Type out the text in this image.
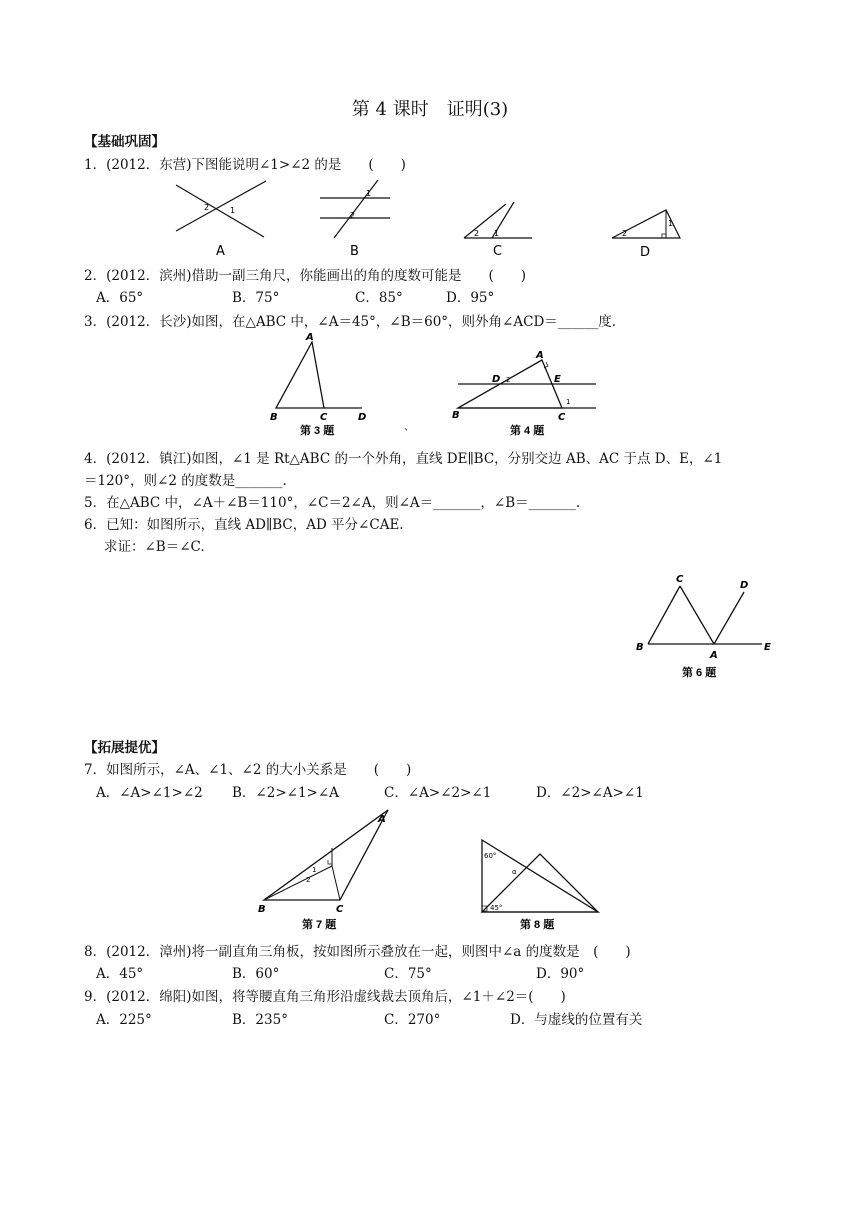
第 4 课时　证明(3)
【基础巩固】
1．(2012．东营)下图能说明∠1>∠2 的是　　(　　)
2	1
A
1
2
B
2 1
C
2
1
D
2．(2012．滨州)借助一副三角尺，你能画出的角的度数可能是　　(　　)
A．65°	B．75°	C．85°	D．95°
3．(2012．长沙)如图，在△ABC 中，∠A＝45°，∠B＝60°，则外角∠ACD＝______度.
A
B	C	D
第 3 题
A
B	C
D	E
2
1
第 4 题
、
4．(2012．镇江)如图，∠1 是 Rt△ABC 的一个外角，直线 DE∥BC，分别交边 AB、AC 于点 D、E，∠1
＝120°，则∠2 的度数是_______.
5．在△ABC 中，∠A＋∠B＝110°，∠C＝2∠A，则∠A＝_______，∠B＝_______.
6．已知：如图所示，直线 AD∥BC，AD 平分∠CAE.
求证：∠B＝∠C.
C
D
B
A
E
第 6 题
【拓展提优】
7．如图所示，∠A、∠1、∠2 的大小关系是　　(　　)
A．∠A>∠1>∠2 B．∠2>∠1>∠A	C．∠A>∠2>∠1	D．∠2>∠A>∠1
A
B	C
1
2
第 7 题
60°
α
45°
第 8 题
8．(2012．漳州)将一副直角三角板，按如图所示叠放在一起，则图中∠a 的度数是　(　　)
A．45°	B．60°	C．75°	D．90°
9．(2012．绵阳)如图，将等腰直角三角形沿虚线裁去顶角后，∠1＋∠2＝(　　)
A．225°	B．235°	C．270°	D．与虚线的位置有关
